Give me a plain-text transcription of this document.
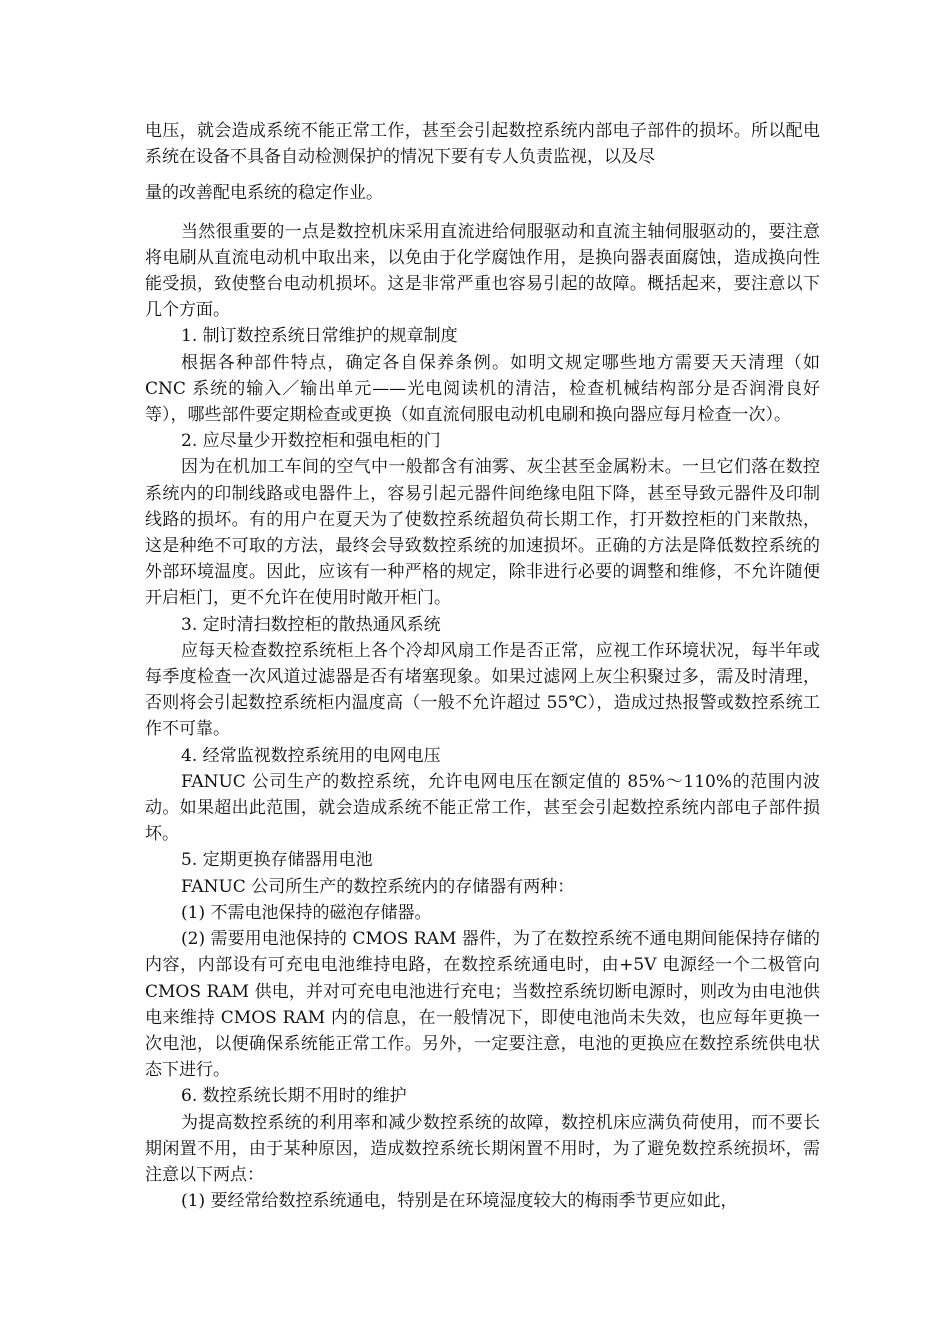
电压，就会造成系统不能正常工作，甚至会引起数控系统内部电子部件的损坏。所以配电系统在设备不具备自动检测保护的情况下要有专人负责监视，以及尽

量的改善配电系统的稳定作业。

当然很重要的一点是数控机床采用直流进给伺服驱动和直流主轴伺服驱动的，要注意将电刷从直流电动机中取出来，以免由于化学腐蚀作用，是换向器表面腐蚀，造成换向性能受损，致使整台电动机损坏。这是非常严重也容易引起的故障。概括起来，要注意以下几个方面。

1. 制订数控系统日常维护的规章制度

根据各种部件特点，确定各自保养条例。如明文规定哪些地方需要天天清理（如 CNC 系统的输入／输出单元——光电阅读机的清洁，检查机械结构部分是否润滑良好等），哪些部件要定期检查或更换（如直流伺服电动机电刷和换向器应每月检查一次）。

2. 应尽量少开数控柜和强电柜的门

因为在机加工车间的空气中一般都含有油雾、灰尘甚至金属粉末。一旦它们落在数控系统内的印制线路或电器件上，容易引起元器件间绝缘电阻下降，甚至导致元器件及印制线路的损坏。有的用户在夏天为了使数控系统超负荷长期工作，打开数控柜的门来散热，这是种绝不可取的方法，最终会导致数控系统的加速损坏。正确的方法是降低数控系统的外部环境温度。因此，应该有一种严格的规定，除非进行必要的调整和维修，不允许随便开启柜门，更不允许在使用时敞开柜门。

3. 定时清扫数控柜的散热通风系统

应每天检查数控系统柜上各个冷却风扇工作是否正常，应视工作环境状况，每半年或每季度检查一次风道过滤器是否有堵塞现象。如果过滤网上灰尘积聚过多，需及时清理，否则将会引起数控系统柜内温度高（一般不允许超过 55℃），造成过热报警或数控系统工作不可靠。

4. 经常监视数控系统用的电网电压

FANUC 公司生产的数控系统，允许电网电压在额定值的 85%～110%的范围内波动。如果超出此范围，就会造成系统不能正常工作，甚至会引起数控系统内部电子部件损坏。

5. 定期更换存储器用电池

FANUC 公司所生产的数控系统内的存储器有两种：

(1) 不需电池保持的磁泡存储器。

(2) 需要用电池保持的 CMOS RAM 器件，为了在数控系统不通电期间能保持存储的内容，内部设有可充电电池维持电路，在数控系统通电时，由+5V 电源经一个二极管向 CMOS RAM 供电，并对可充电电池进行充电；当数控系统切断电源时，则改为由电池供电来维持 CMOS RAM 内的信息，在一般情况下，即使电池尚未失效，也应每年更换一次电池，以便确保系统能正常工作。另外，一定要注意，电池的更换应在数控系统供电状态下进行。

6. 数控系统长期不用时的维护

为提高数控系统的利用率和减少数控系统的故障，数控机床应满负荷使用，而不要长期闲置不用，由于某种原因，造成数控系统长期闲置不用时，为了避免数控系统损坏，需注意以下两点：

(1) 要经常给数控系统通电，特别是在环境湿度较大的梅雨季节更应如此，
